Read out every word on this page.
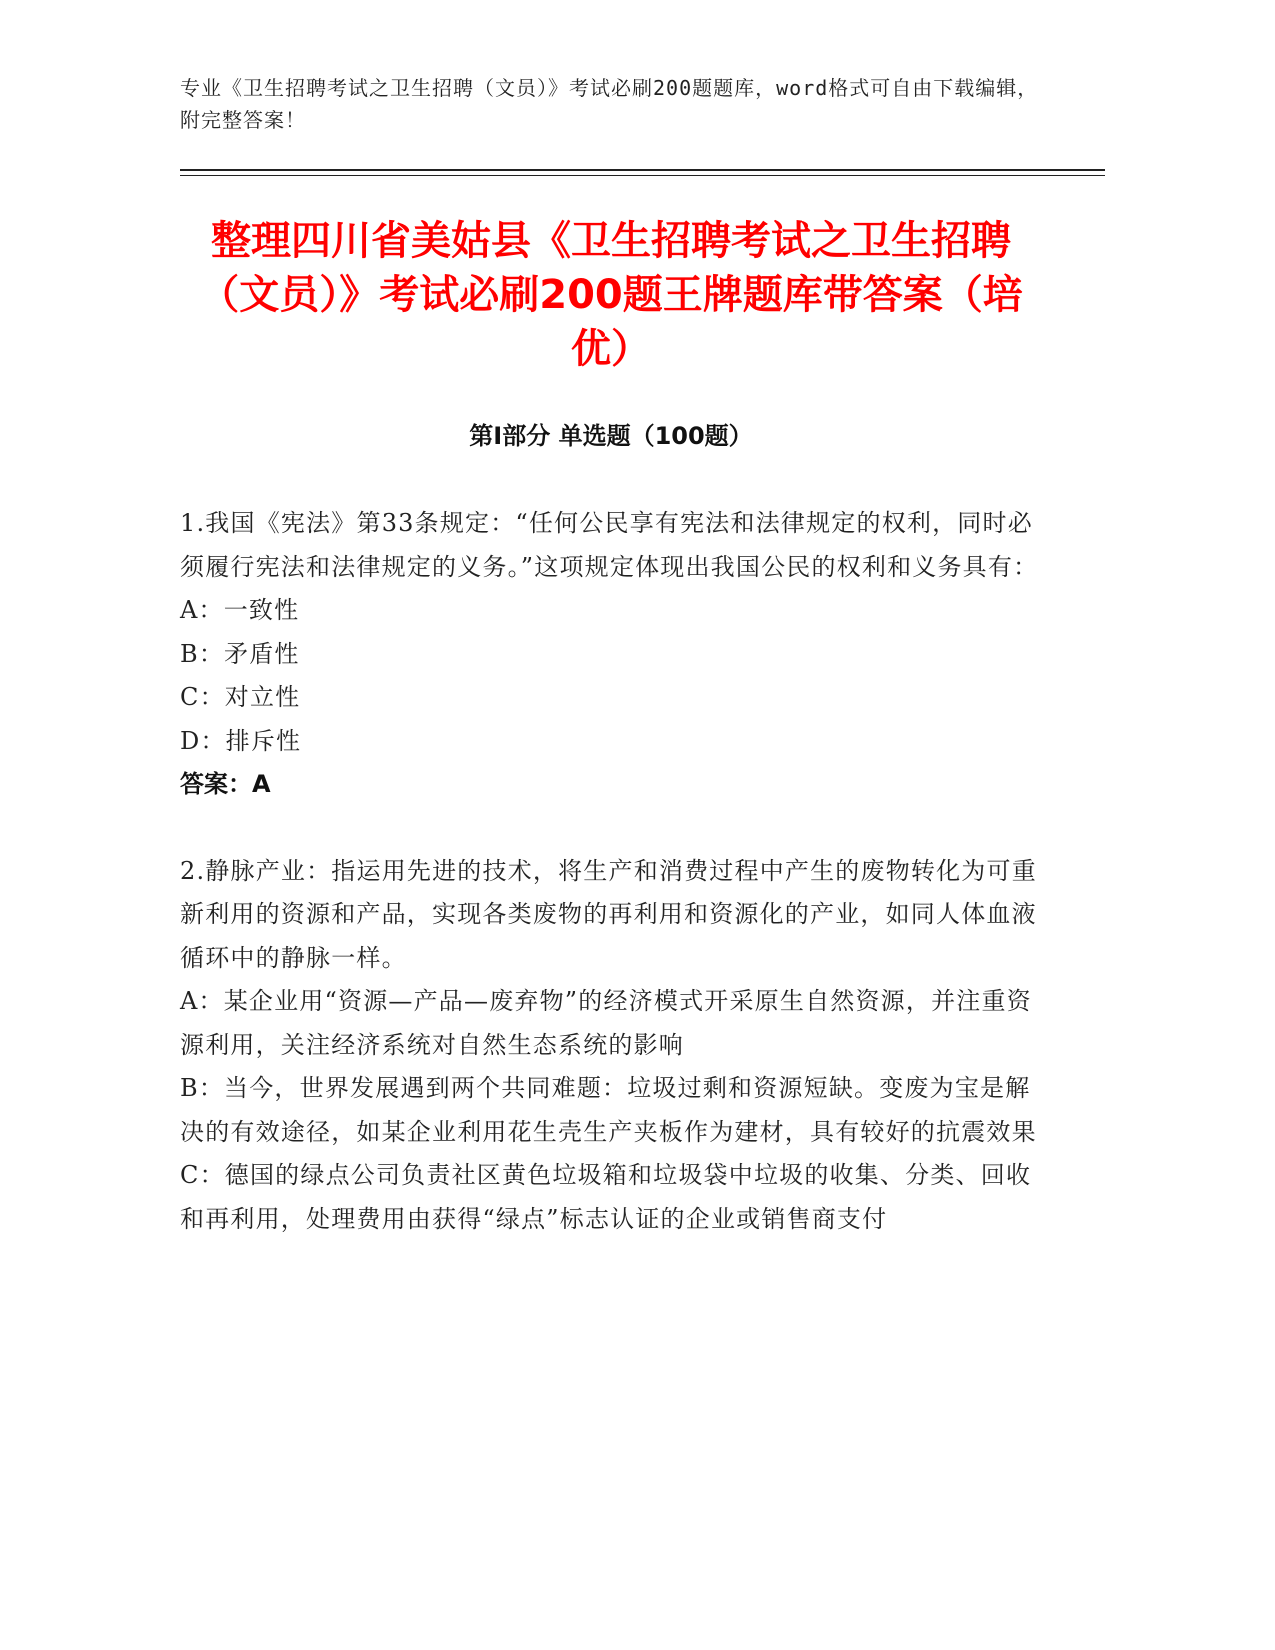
专业《卫生招聘考试之卫生招聘（文员）》考试必刷200题题库，word格式可自由下载编辑，附完整答案！
整理四川省美姑县《卫生招聘考试之卫生招聘（文员）》考试必刷200题王牌题库带答案（培优）
第I部分 单选题（100题）

1.我国《宪法》第33条规定：“任何公民享有宪法和法律规定的权利，同时必须履行宪法和法律规定的义务。”这项规定体现出我国公民的权利和义务具有：

A：一致性

B：矛盾性

C：对立性

D：排斥性

答案：A

2.静脉产业：指运用先进的技术，将生产和消费过程中产生的废物转化为可重新利用的资源和产品，实现各类废物的再利用和资源化的产业，如同人体血液循环中的静脉一样。

A：某企业用“资源—产品—废弃物”的经济模式开采原生自然资源，并注重资源利用，关注经济系统对自然生态系统的影响

B：当今，世界发展遇到两个共同难题：垃圾过剩和资源短缺。变废为宝是解决的有效途径，如某企业利用花生壳生产夹板作为建材，具有较好的抗震效果

C：德国的绿点公司负责社区黄色垃圾箱和垃圾袋中垃圾的收集、分类、回收和再利用，处理费用由获得“绿点”标志认证的企业或销售商支付
